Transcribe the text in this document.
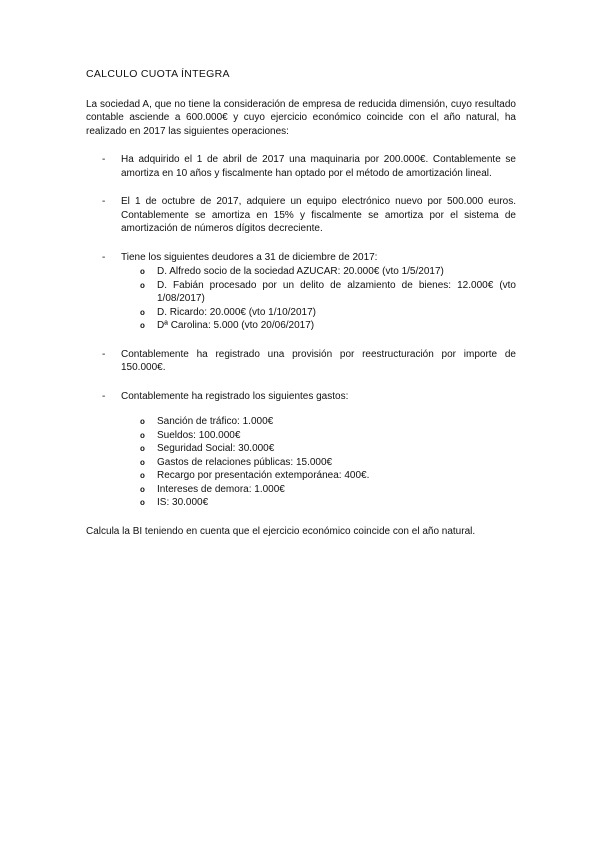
CALCULO CUOTA ÍNTEGRA

La sociedad A, que no tiene la consideración de empresa de reducida dimensión, cuyo resultado contable asciende a 600.000€ y cuyo ejercicio económico coincide con el año natural, ha realizado en 2017 las siguientes operaciones:

- Ha adquirido el 1 de abril de 2017 una maquinaria por 200.000€. Contablemente se amortiza en 10 años y fiscalmente han optado por el método de amortización lineal.
- El 1 de octubre de 2017, adquiere un equipo electrónico nuevo por 500.000 euros. Contablemente se amortiza en 15% y fiscalmente se amortiza por el sistema de amortización de números dígitos decreciente.
- Tiene los siguientes deudores a 31 de diciembre de 2017:
o D. Alfredo socio de la sociedad AZUCAR: 20.000€ (vto 1/5/2017)
o D. Fabián procesado por un delito de alzamiento de bienes: 12.000€ (vto 1/08/2017)
o D. Ricardo: 20.000€ (vto 1/10/2017)
o Dª Carolina: 5.000 (vto 20/06/2017)
- Contablemente ha registrado una provisión por reestructuración por importe de 150.000€.
- Contablemente ha registrado los siguientes gastos:
o Sanción de tráfico: 1.000€
o Sueldos: 100.000€
o Seguridad Social: 30.000€
o Gastos de relaciones públicas: 15.000€
o Recargo por presentación extemporánea: 400€.
o Intereses de demora: 1.000€
o IS: 30.000€

Calcula la BI teniendo en cuenta que el ejercicio económico coincide con el año natural.
